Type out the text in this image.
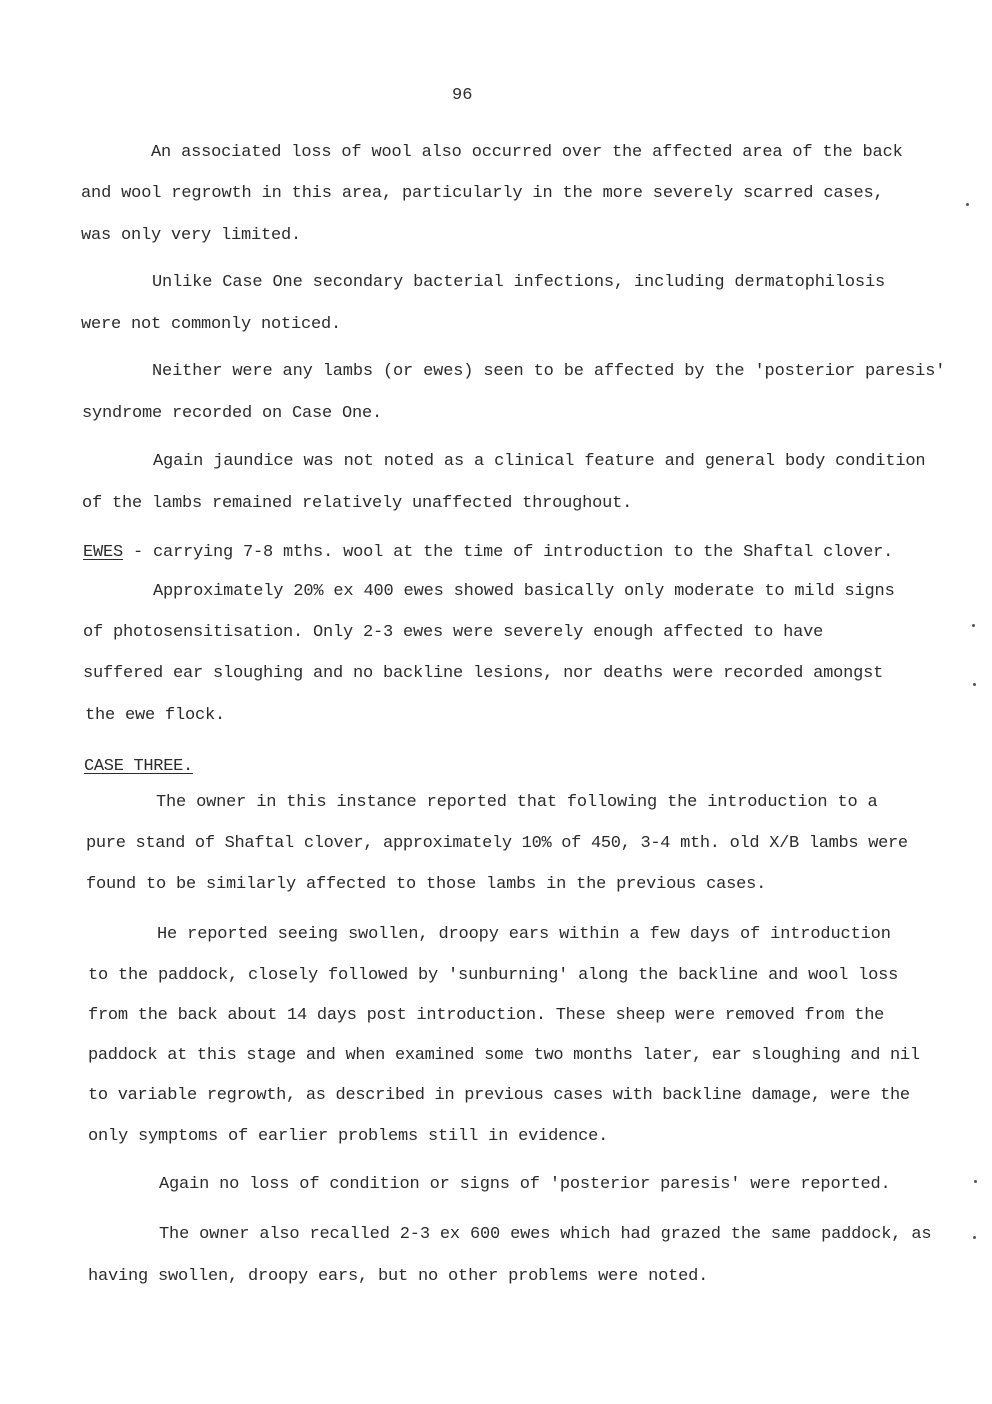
96
An associated loss of wool also occurred over the affected area of the back
and wool regrowth in this area, particularly in the more severely scarred cases,
was only very limited.
Unlike Case One secondary bacterial infections, including dermatophilosis
were not commonly noticed.
Neither were any lambs (or ewes) seen to be affected by the 'posterior paresis'
syndrome recorded on Case One.
Again jaundice was not noted as a clinical feature and general body condition
of the lambs remained relatively unaffected throughout.
EWES - carrying 7-8 mths. wool at the time of introduction to the Shaftal clover.
Approximately 20% ex 400 ewes showed basically only moderate to mild signs
of photosensitisation. Only 2-3 ewes were severely enough affected to have
suffered ear sloughing and no backline lesions, nor deaths were recorded amongst
the ewe flock.
CASE THREE.
The owner in this instance reported that following the introduction to a
pure stand of Shaftal clover, approximately 10% of 450, 3-4 mth. old X/B lambs were
found to be similarly affected to those lambs in the previous cases.
He reported seeing swollen, droopy ears within a few days of introduction
to the paddock, closely followed by 'sunburning' along the backline and wool loss
from the back about 14 days post introduction. These sheep were removed from the
paddock at this stage and when examined some two months later, ear sloughing and nil
to variable regrowth, as described in previous cases with backline damage, were the
only symptoms of earlier problems still in evidence.
Again no loss of condition or signs of 'posterior paresis' were reported.
The owner also recalled 2-3 ex 600 ewes which had grazed the same paddock, as
having swollen, droopy ears, but no other problems were noted.
